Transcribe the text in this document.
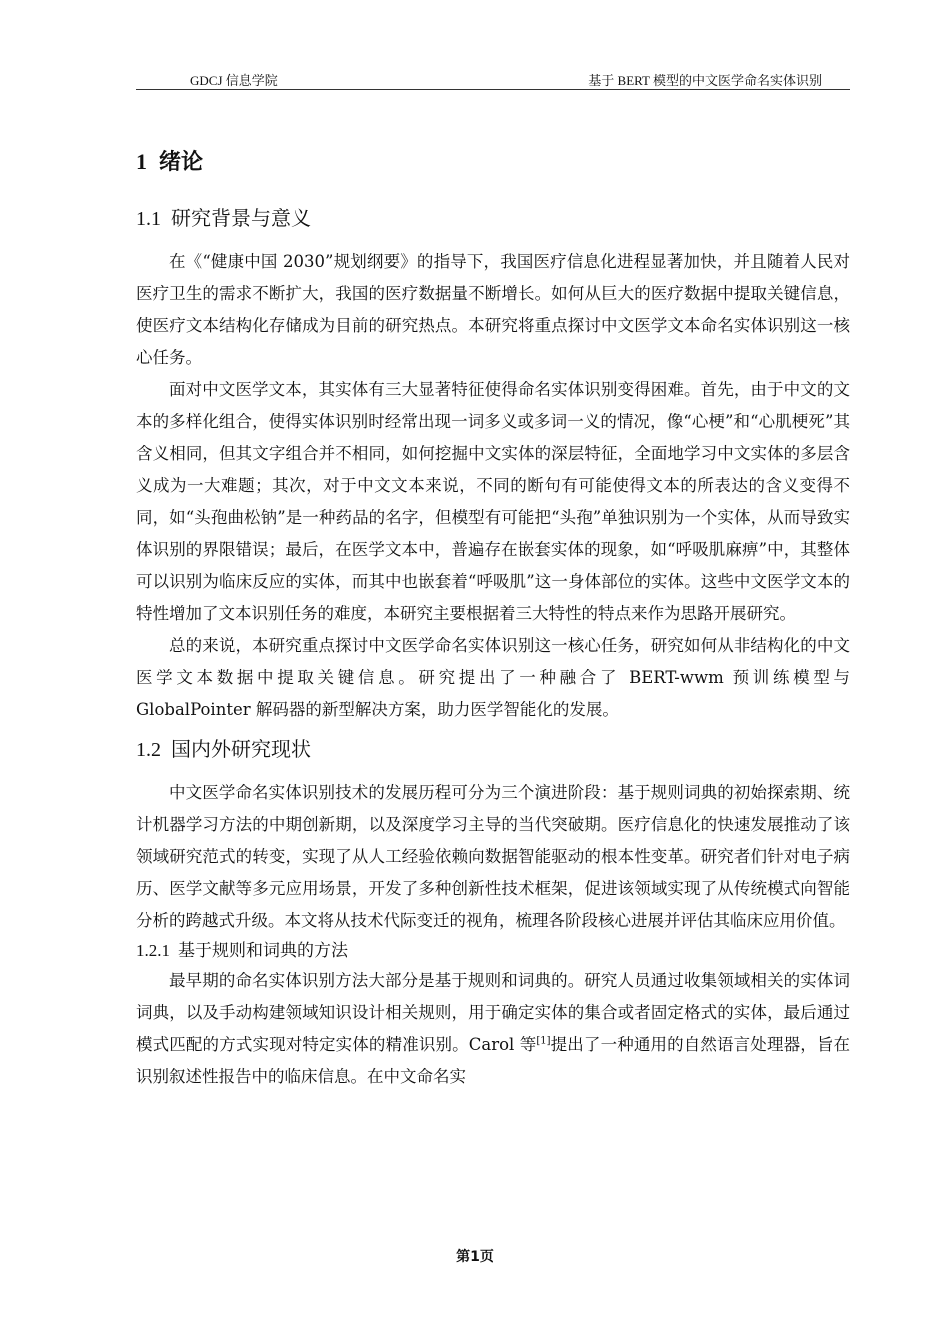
GDCJ 信息学院	基于 BERT 模型的中文医学命名实体识别
1 绪论
1.1 研究背景与意义

在《“健康中国 2030”规划纲要》的指导下，我国医疗信息化进程显著加快，并且随着人民对医疗卫生的需求不断扩大，我国的医疗数据量不断增长。如何从巨大的医疗数据中提取关键信息，使医疗文本结构化存储成为目前的研究热点。本研究将重点探讨中文医学文本命名实体识别这一核心任务。

面对中文医学文本，其实体有三大显著特征使得命名实体识别变得困难。首先，由于中文的文本的多样化组合，使得实体识别时经常出现一词多义或多词一义的情况，像“心梗”和“心肌梗死”其含义相同，但其文字组合并不相同，如何挖掘中文实体的深层特征，全面地学习中文实体的多层含义成为一大难题；其次，对于中文文本来说，不同的断句有可能使得文本的所表达的含义变得不同，如“头孢曲松钠”是一种药品的名字，但模型有可能把“头孢”单独识别为一个实体，从而导致实体识别的界限错误；最后，在医学文本中，普遍存在嵌套实体的现象，如“呼吸肌麻痹”中，其整体可以识别为临床反应的实体，而其中也嵌套着“呼吸肌”这一身体部位的实体。这些中文医学文本的特性增加了文本识别任务的难度，本研究主要根据着三大特性的特点来作为思路开展研究。

总的来说，本研究重点探讨中文医学命名实体识别这一核心任务，研究如何从非结构化的中文医学文本数据中提取关键信息。研究提出了一种融合了 BERT-wwm 预训练模型与 GlobalPointer 解码器的新型解决方案，助力医学智能化的发展。

1.2 国内外研究现状

中文医学命名实体识别技术的发展历程可分为三个演进阶段：基于规则词典的初始探索期、统计机器学习方法的中期创新期，以及深度学习主导的当代突破期。医疗信息化的快速发展推动了该领域研究范式的转变，实现了从人工经验依赖向数据智能驱动的根本性变革。研究者们针对电子病历、医学文献等多元应用场景，开发了多种创新性技术框架，促进该领域实现了从传统模式向智能分析的跨越式升级。本文将从技术代际变迁的视角，梳理各阶段核心进展并评估其临床应用价值。

1.2.1 基于规则和词典的方法

最早期的命名实体识别方法大部分是基于规则和词典的。研究人员通过收集领域相关的实体词词典，以及手动构建领域知识设计相关规则，用于确定实体的集合或者固定格式的实体，最后通过模式匹配的方式实现对特定实体的精准识别。Carol 等[1]提出了一种通用的自然语言处理器，旨在识别叙述性报告中的临床信息。在中文命名实

第1页
